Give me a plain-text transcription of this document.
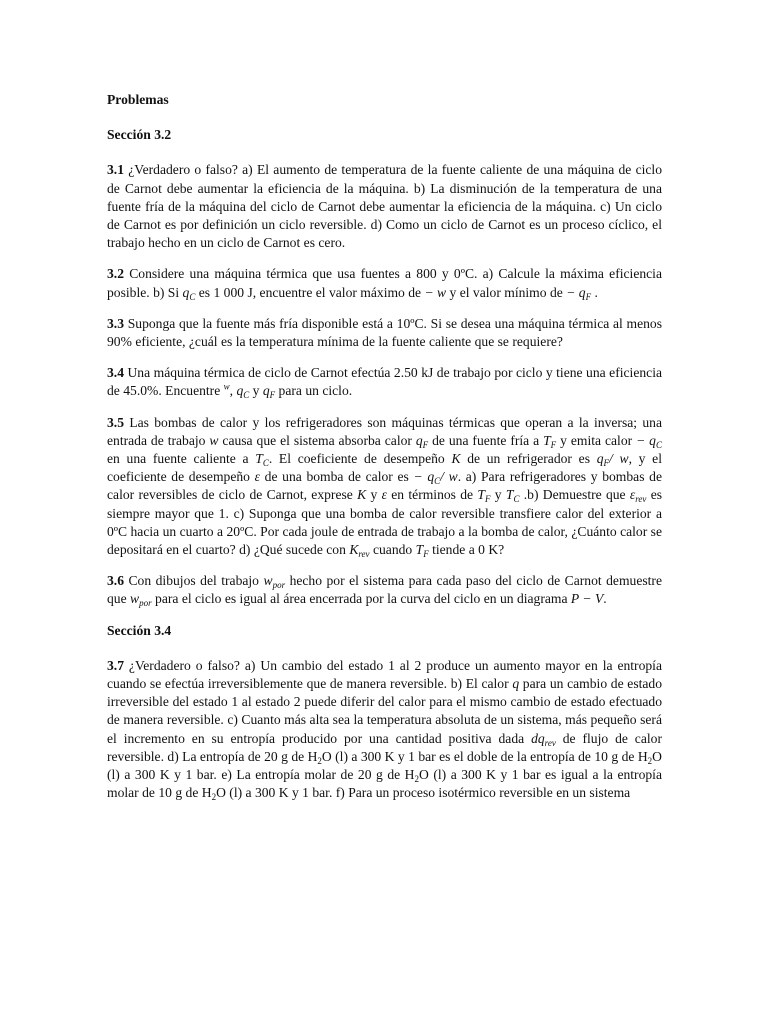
Problemas

Sección 3.2

3.1 ¿Verdadero o falso? a) El aumento de temperatura de la fuente caliente de una máquina de ciclo de Carnot debe aumentar la eficiencia de la máquina. b) La disminución de la temperatura de una fuente fría de la máquina del ciclo de Carnot debe aumentar la eficiencia de la máquina. c) Un ciclo de Carnot es por definición un ciclo reversible. d) Como un ciclo de Carnot es un proceso cíclico, el trabajo hecho en un ciclo de Carnot es cero.

3.2 Considere una máquina térmica que usa fuentes a 800 y 0ºC. a) Calcule la máxima eficiencia posible. b) Si $q_C$ es 1 000 J, encuentre el valor máximo de − w y el valor mínimo de − $q_F$ .

3.3 Suponga que la fuente más fría disponible está a 10ºC. Si se desea una máquina térmica al menos 90% eficiente, ¿cuál es la temperatura mínima de la fuente caliente que se requiere?

3.4 Una máquina térmica de ciclo de Carnot efectúa 2.50 kJ de trabajo por ciclo y tiene una eficiencia de 45.0%. Encuentre $^w$, $q_C$ y $q_F$ para un ciclo.

3.5 Las bombas de calor y los refrigeradores son máquinas térmicas que operan a la inversa; una entrada de trabajo w causa que el sistema absorba calor $q_F$ de una fuente fría a $T_F$ y emita calor − $q_C$ en una fuente caliente a $T_C$. El coeficiente de desempeño K de un refrigerador es $q_F/$ w, y el coeficiente de desempeño ε de una bomba de calor es − $q_C/$ w. a) Para refrigeradores y bombas de calor reversibles de ciclo de Carnot, exprese K y ε en términos de $T_F$ y $T_C$ .b) Demuestre que $\varepsilon_{rev}$ es siempre mayor que 1. c) Suponga que una bomba de calor reversible transfiere calor del exterior a 0ºC hacia un cuarto a 20ºC. Por cada joule de entrada de trabajo a la bomba de calor, ¿Cuánto calor se depositará en el cuarto? d) ¿Qué sucede con $K_{rev}$ cuando $T_F$ tiende a 0 K?

3.6 Con dibujos del trabajo $w_{por}$ hecho por el sistema para cada paso del ciclo de Carnot demuestre que $w_{por}$ para el ciclo es igual al área encerrada por la curva del ciclo en un diagrama P − V.

Sección 3.4

3.7 ¿Verdadero o falso? a) Un cambio del estado 1 al 2 produce un aumento mayor en la entropía cuando se efectúa irreversiblemente que de manera reversible. b) El calor q para un cambio de estado irreversible del estado 1 al estado 2 puede diferir del calor para el mismo cambio de estado efectuado de manera reversible. c) Cuanto más alta sea la temperatura absoluta de un sistema, más pequeño será el incremento en su entropía producido por una cantidad positiva dada $dq_{rev}$ de flujo de calor reversible. d) La entropía de 20 g de $H_2O$ (l) a 300 K y 1 bar es el doble de la entropía de 10 g de $H_2O$ (l) a 300 K y 1 bar. e) La entropía molar de 20 g de $H_2O$ (l) a 300 K y 1 bar es igual a la entropía molar de 10 g de $H_2O$ (l) a 300 K y 1 bar. f) Para un proceso isotérmico reversible en un sistema
